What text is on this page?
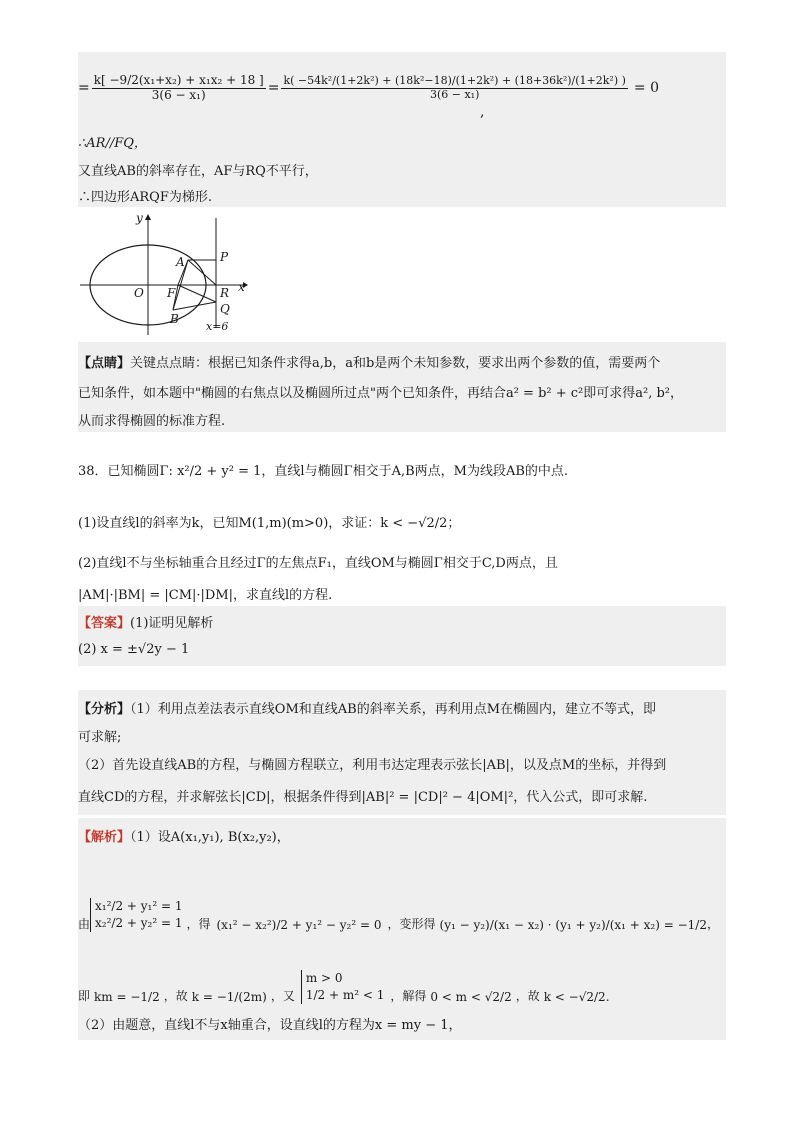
= $\frac{\text{k[ −9/2(x₁+x₂) + x₁x₂ + 18 ]}}{\text{3(6 − x₁)}} = \frac{\text{k( −54k²/(1+2k²) + (18k²−18)/(1+2k²) + (18+36k²)/(1+2k²) )}}{\text{3(6 − x₁)}} = 0$
,
∴AR//FQ，
又直线AB的斜率存在，AF与RQ不平行，
∴四边形ARQF为梯形.
y
x
O
A
F
P
R
Q
B
x=6
【点睛】关键点点睛：根据已知条件求得a,b，a和b是两个未知参数，要求出两个参数的值，需要两个
已知条件，如本题中"椭圆的右焦点以及椭圆所过点"两个已知条件，再结合a² = b² + c²即可求得a², b²，
从而求得椭圆的标准方程.
38．已知椭圆Γ: x²/2 + y² = 1，直线l与椭圆Γ相交于A,B两点，M为线段AB的中点.
(1)设直线l的斜率为k，已知M(1,m)(m>0)，求证：k < −√2/2；
(2)直线l不与坐标轴重合且经过Γ的左焦点F₁，直线OM与椭圆Γ相交于C,D两点，且
|AM|·|BM| = |CM|·|DM|，求直线l的方程.
【答案】(1)证明见解析
(2) x = ±√2y − 1
【分析】（1）利用点差法表示直线OM和直线AB的斜率关系，再利用点M在椭圆内，建立不等式，即
可求解;
（2）首先设直线AB的方程，与椭圆方程联立，利用韦达定理表示弦长|AB|，以及点M的坐标，并得到
直线CD的方程，并求解弦长|CD|，根据条件得到|AB|² = |CD|² − 4|OM|²，代入公式，即可求解.
【解析】（1）设A(x₁,y₁), B(x₂,y₂)，
由
x₁²/2 + y₁² = 1
x₂²/2 + y₂² = 1 ，得 (x₁² − x₂²)/2 + y₁² − y₂² = 0 ，变形得 (y₁ − y₂)/(x₁ − x₂) · (y₁ + y₂)/(x₁ + x₂) = −1/2 ，
即 km = −1/2 ，故 k = −1/(2m) ，又
m > 0
1/2 + m² < 1 ，解得 0 < m < √2/2 ，故 k < −√2/2 .
（2）由题意，直线l不与x轴重合，设直线l的方程为x = my − 1，
